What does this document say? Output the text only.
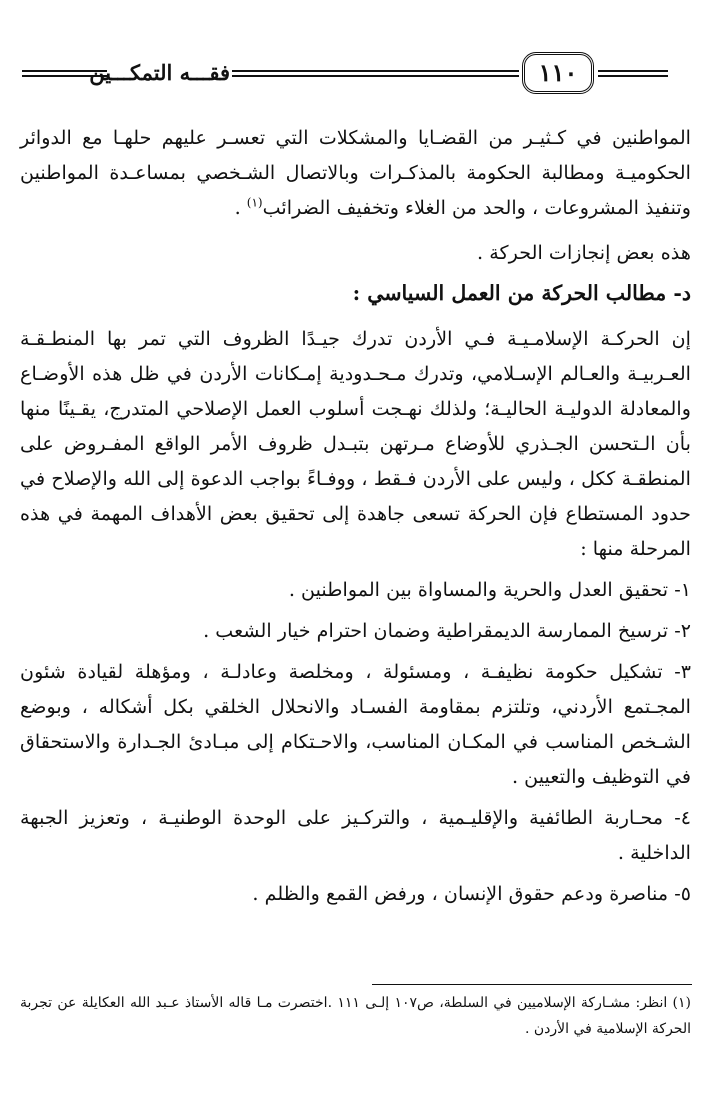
فقـــه التمكـــين	١١٠

المواطنين في كـثيـر من القضـايا والمشكلات التي تعسـر عليهم حلهـا مع الدوائر الحكوميـة ومطالبة الحكومة بالمذكـرات وبالاتصال الشـخصي بمساعـدة المواطنين وتنفيذ المشروعات ، والحد من الغلاء وتخفيف الضرائب$^{(١)}$ .

هذه بعض إنجازات الحركة .

د- مطالب الحركة من العمل السياسي :

إن الحركـة الإسلامـيـة فـي الأردن تدرك جيـدًا الظروف التي تمر بها المنطـقـة العـربيـة والعـالم الإسـلامي، وتدرك مـحـدودية إمـكانات الأردن في ظل هذه الأوضـاع والمعادلة الدوليـة الحاليـة؛ ولذلك نهـجت أسلوب العمل الإصلاحي المتدرج، يقـينًا منها بأن الـتحسن الجـذري للأوضاع مـرتهن بتبـدل ظروف الأمر الواقع المفـروض على المنطقـة ككل ، وليس على الأردن فـقط ، ووفـاءً بواجب الدعوة إلى الله والإصلاح في حدود المستطاع فإن الحركة تسعى جاهدة إلى تحقيق بعض الأهداف المهمة في هذه المرحلة منها :

١- تحقيق العدل والحرية والمساواة بين المواطنين .

٢- ترسيخ الممارسة الديمقراطية وضمان احترام خيار الشعب .

٣- تشكيل حكومة نظيفـة ، ومسئولة ، ومخلصة وعادلـة ، ومؤهلة لقيادة شئون المجـتمع الأردني، وتلتزم بمقاومة الفسـاد والانحلال الخلقي بكل أشكاله ، وبوضع الشـخص المناسب في المكـان المناسب، والاحـتكام إلى مبـادئ الجـدارة والاستحقاق في التوظيف والتعيين .

٤- محـاربة الطائفية والإقليـمية ، والتركـيز على الوحدة الوطنيـة ، وتعزيز الجبهة الداخلية .

٥- مناصرة ودعم حقوق الإنسان ، ورفض القمع والظلم .

(١) انظر: مشـاركة الإسلاميين في السلطة، ص١٠٧ إلـى ١١١ .اختصرت مـا قاله الأستاذ عـبد الله العكايلة عن تجربة الحركة الإسلامية في الأردن .
